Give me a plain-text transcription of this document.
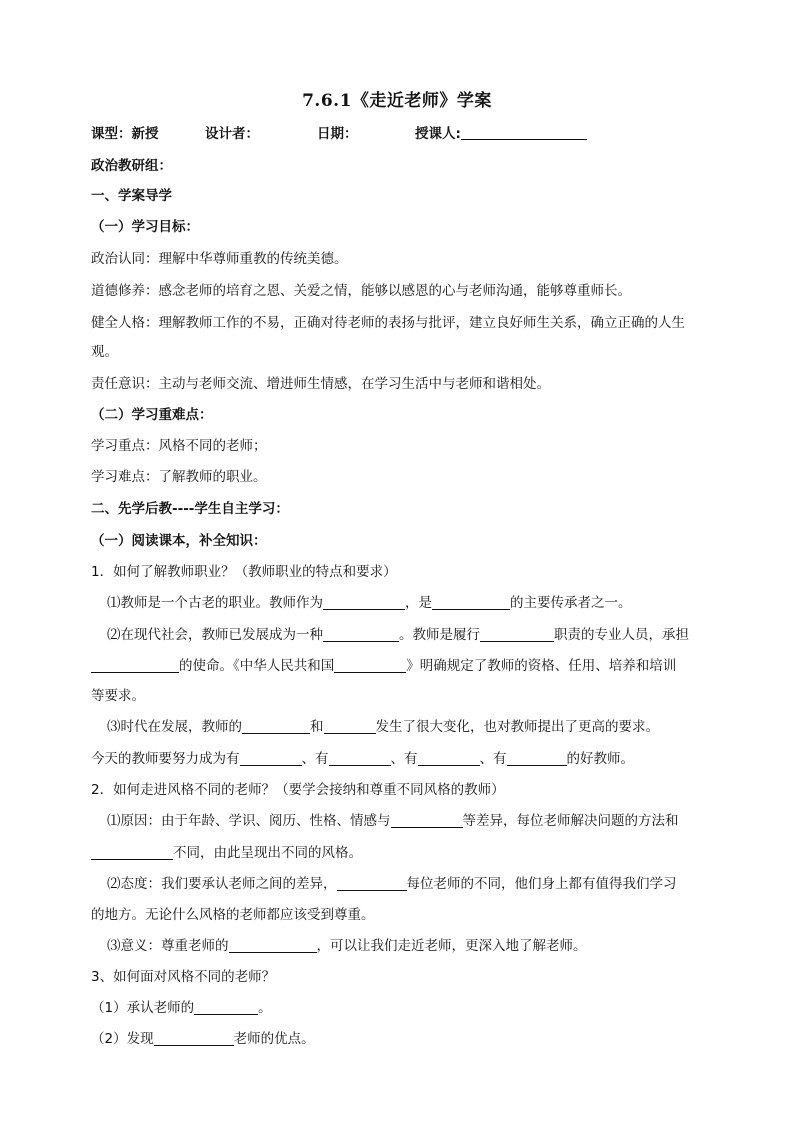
7.6.1《走近老师》学案
课型：新授	设计者：	日期：	授课人:
政治教研组：
一、学案导学
（一）学习目标：
政治认同：理解中华尊师重教的传统美德。
道德修养：感念老师的培育之恩、关爱之情，能够以感恩的心与老师沟通，能够尊重师长。
健全人格：理解教师工作的不易，正确对待老师的表扬与批评，建立良好师生关系，确立正确的人生
观。
责任意识：主动与老师交流、增进师生情感，在学习生活中与老师和谐相处。
（二）学习重难点：
学习重点：风格不同的老师；
学习难点：了解教师的职业。
二、先学后教----学生自主学习：
（一）阅读课本，补全知识：
1．如何了解教师职业？（教师职业的特点和要求）
⑴教师是一个古老的职业。教师作为	，是	的主要传承者之一。
⑵在现代社会，教师已发展成为一种	。教师是履行	职责的专业人员，承担
的使命。《中华人民共和国	》明确规定了教师的资格、任用、培养和培训
等要求。
⑶时代在发展，教师的	和	发生了很大变化，也对教师提出了更高的要求。
今天的教师要努力成为有	、有	、有	、有	的好教师。
2．如何走进风格不同的老师？（要学会接纳和尊重不同风格的教师）
⑴原因：由于年龄、学识、阅历、性格、情感与	等差异，每位老师解决问题的方法和
不同，由此呈现出不同的风格。
⑵态度：我们要承认老师之间的差异，	每位老师的不同，他们身上都有值得我们学习
的地方。无论什么风格的老师都应该受到尊重。
⑶意义：尊重老师的	，可以让我们走近老师，更深入地了解老师。
3、如何面对风格不同的老师？
（1）承认老师的	。
（2）发现	老师的优点。
